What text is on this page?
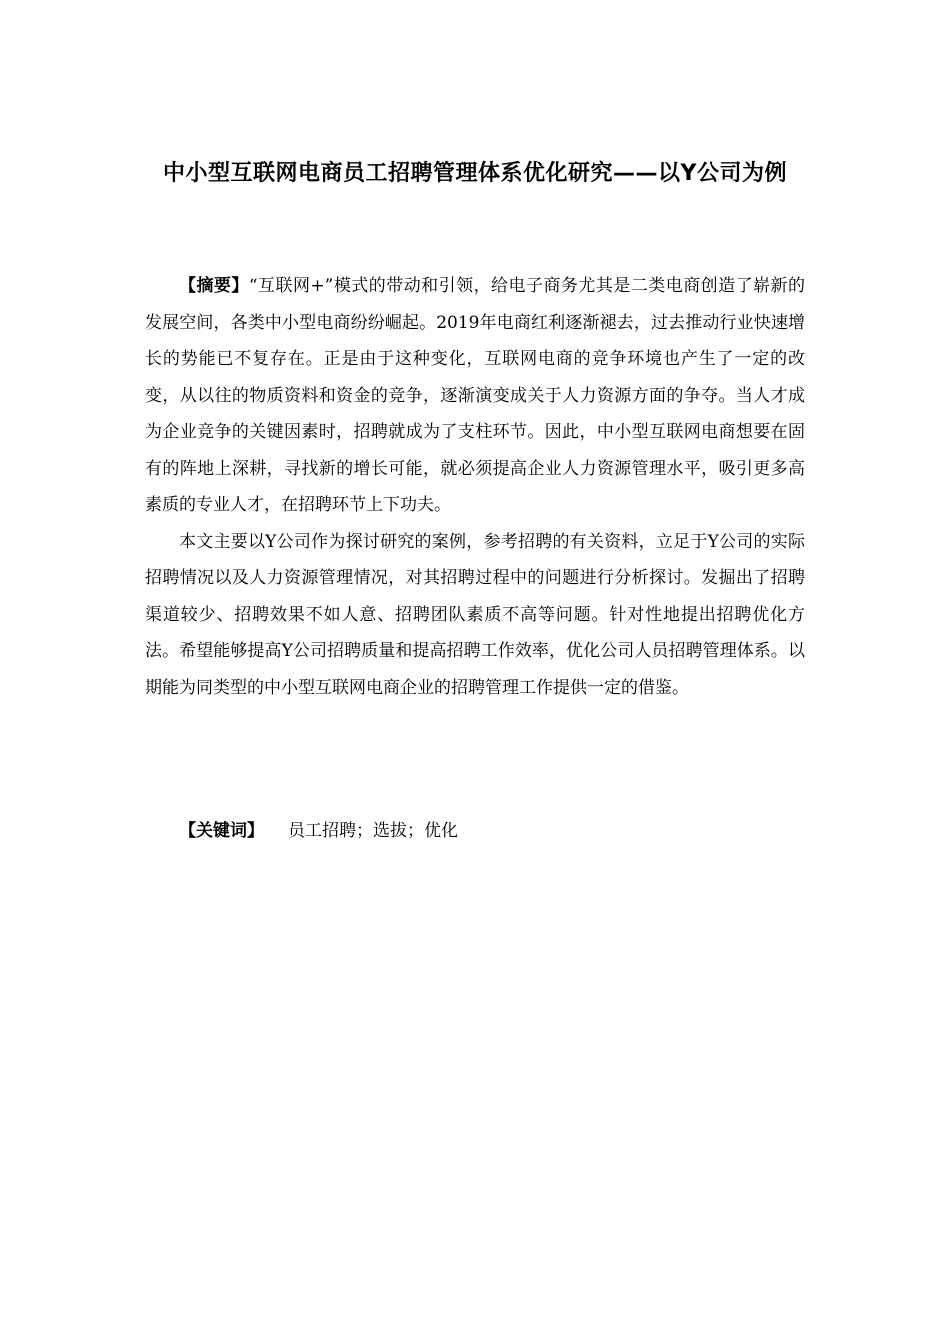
中小型互联网电商员工招聘管理体系优化研究——以Y公司为例

【摘要】“互联网+”模式的带动和引领，给电子商务尤其是二类电商创造了崭新的发展空间，各类中小型电商纷纷崛起。2019年电商红利逐渐褪去，过去推动行业快速增长的势能已不复存在。正是由于这种变化，互联网电商的竞争环境也产生了一定的改变，从以往的物质资料和资金的竞争，逐渐演变成关于人力资源方面的争夺。当人才成为企业竞争的关键因素时，招聘就成为了支柱环节。因此，中小型互联网电商想要在固有的阵地上深耕，寻找新的增长可能，就必须提高企业人力资源管理水平，吸引更多高素质的专业人才，在招聘环节上下功夫。

本文主要以Y公司作为探讨研究的案例，参考招聘的有关资料，立足于Y公司的实际招聘情况以及人力资源管理情况，对其招聘过程中的问题进行分析探讨。发掘出了招聘渠道较少、招聘效果不如人意、招聘团队素质不高等问题。针对性地提出招聘优化方法。希望能够提高Y公司招聘质量和提高招聘工作效率，优化公司人员招聘管理体系。以期能为同类型的中小型互联网电商企业的招聘管理工作提供一定的借鉴。

【关键词】 员工招聘；选拔；优化
